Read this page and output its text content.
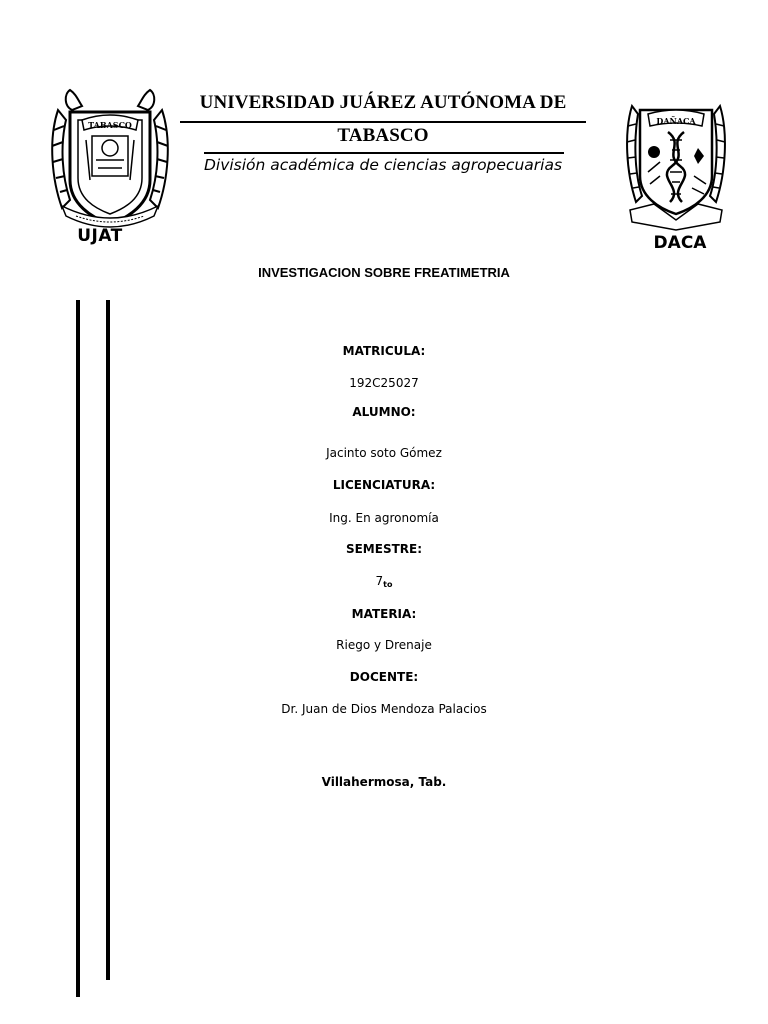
TABASCO
UJAT
UNIVERSIDAD JUÁREZ AUTÓNOMA DE
TABASCO
División académica de ciencias agropecuarias
DAÑACA
DACA
INVESTIGACION SOBRE FREATIMETRIA
MATRICULA:
192C25027
ALUMNO:
Jacinto soto Gómez
LICENCIATURA:
Ing. En agronomía
SEMESTRE:
7to
MATERIA:
Riego y Drenaje
DOCENTE:
Dr. Juan de Dios Mendoza Palacios
Villahermosa, Tab.
